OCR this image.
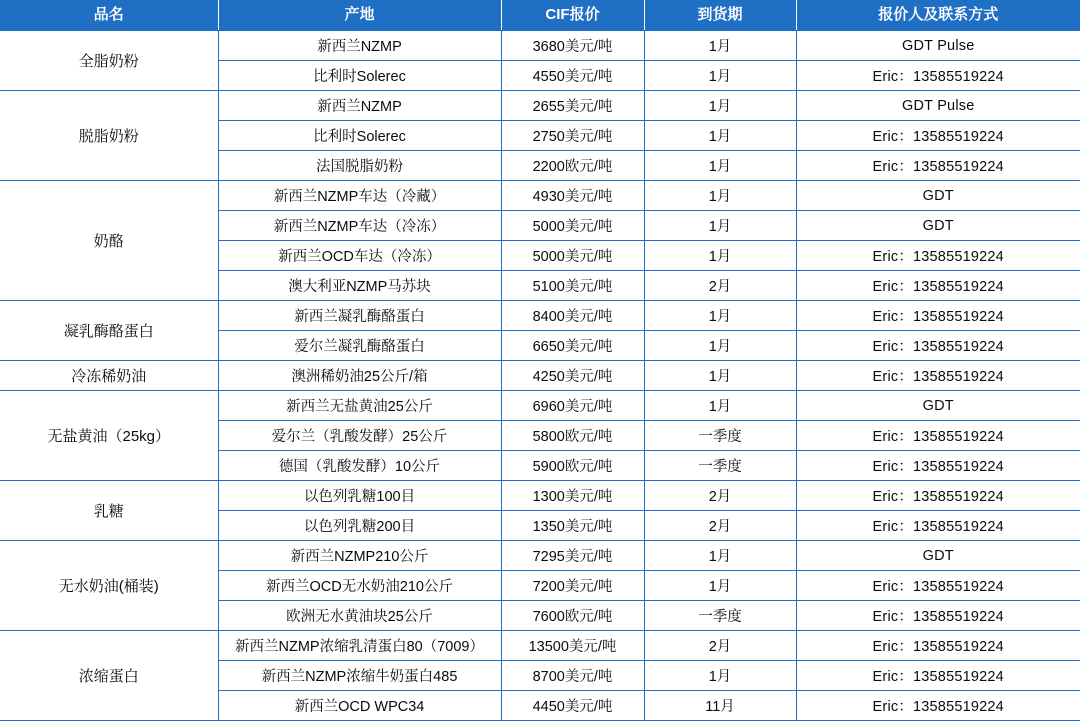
品名	产地	CIF报价	到货期	报价人及联系方式
全脂奶粉	新西兰NZMP	3680美元/吨	1月	GDT Pulse
	比利时Solerec	4550美元/吨	1月	Eric：13585519224
脱脂奶粉	新西兰NZMP	2655美元/吨	1月	GDT Pulse
	比利时Solerec	2750美元/吨	1月	Eric：13585519224
	法国脱脂奶粉	2200欧元/吨	1月	Eric：13585519224
奶酪	新西兰NZMP车达（冷藏）	4930美元/吨	1月	GDT
	新西兰NZMP车达（冷冻）	5000美元/吨	1月	GDT
	新西兰OCD车达（冷冻）	5000美元/吨	1月	Eric：13585519224
	澳大利亚NZMP马苏块	5100美元/吨	2月	Eric：13585519224
凝乳酶酪蛋白	新西兰凝乳酶酪蛋白	8400美元/吨	1月	Eric：13585519224
	爱尔兰凝乳酶酪蛋白	6650美元/吨	1月	Eric：13585519224
冷冻稀奶油	澳洲稀奶油25公斤/箱	4250美元/吨	1月	Eric：13585519224
无盐黄油（25kg）	新西兰无盐黄油25公斤	6960美元/吨	1月	GDT
	爱尔兰（乳酸发酵）25公斤	5800欧元/吨	一季度	Eric：13585519224
	德国（乳酸发酵）10公斤	5900欧元/吨	一季度	Eric：13585519224
乳糖	以色列乳糖100目	1300美元/吨	2月	Eric：13585519224
	以色列乳糖200目	1350美元/吨	2月	Eric：13585519224
无水奶油(桶装)	新西兰NZMP210公斤	7295美元/吨	1月	GDT
	新西兰OCD无水奶油210公斤	7200美元/吨	1月	Eric：13585519224
	欧洲无水黄油块25公斤	7600欧元/吨	一季度	Eric：13585519224
浓缩蛋白	新西兰NZMP浓缩乳清蛋白80（7009）	13500美元/吨	2月	Eric：13585519224
	新西兰NZMP浓缩牛奶蛋白485	8700美元/吨	1月	Eric：13585519224
	新西兰OCD WPC34	4450美元/吨	11月	Eric：13585519224
